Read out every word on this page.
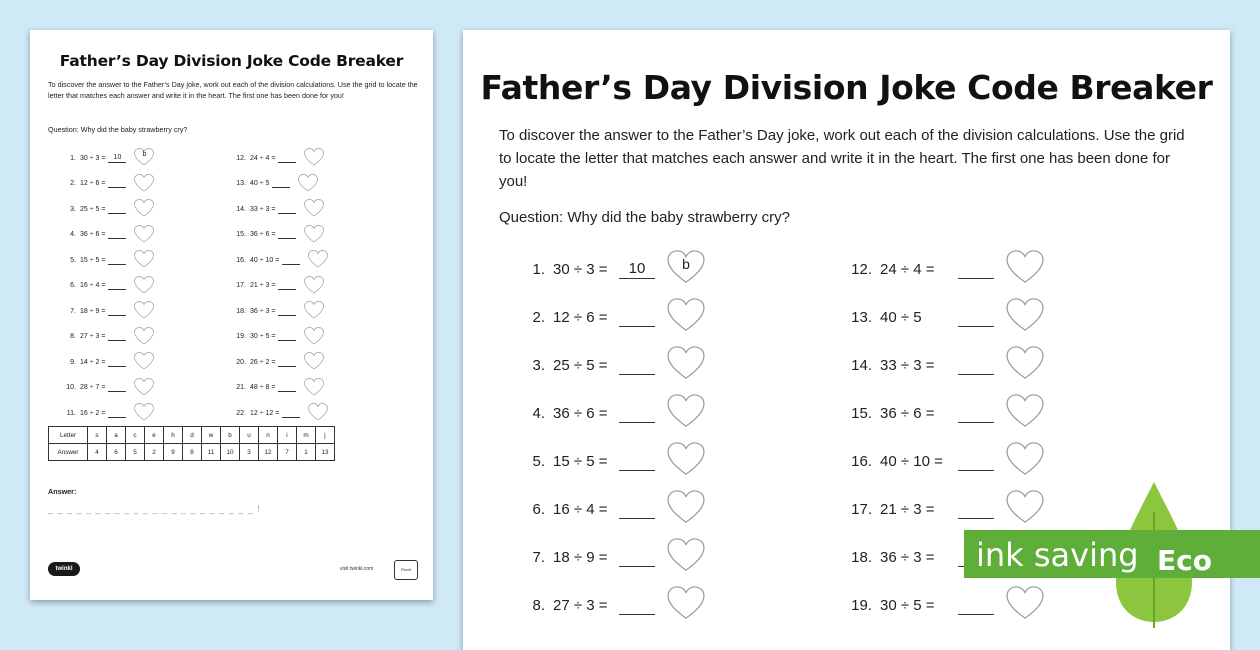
Father’s Day Division Joke Code Breaker
To discover the answer to the Father’s Day joke, work out each of the division calculations. Use the grid to locate the letter that matches each answer and write it in the heart. The first one has been done for you!
Question: Why did the baby strawberry cry?
1. 30 ÷ 3 =	10	b
2. 12 ÷ 6 =
3. 25 ÷ 5 =
4. 36 ÷ 6 =
5. 15 ÷ 5 =
6. 16 ÷ 4 =
7. 18 ÷ 9 =
8. 27 ÷ 3 =
9. 14 ÷ 2 =
10. 28 ÷ 7 =
11. 16 ÷ 2 =
12. 24 ÷ 4 =
13. 40 ÷ 5
14. 33 ÷ 3 =
15. 36 ÷ 6 =
16. 40 ÷ 10 =
17. 21 ÷ 3 =
18. 36 ÷ 3 =
19. 30 ÷ 5 =
20. 26 ÷ 2 =
21. 48 ÷ 8 =
22. 12 ÷ 12 =
Letter	s	a	c	e	h	d	w	b	u	n	i	m	j
Answer	4	6	5	2	9	8	11	10	3	12	7	1	13
Answer:
_ _ _ _ _ _ _ _ _ _ _ _ _ _ _ _ _ _ _ _ _ _ !
twinkl	visit twinkl.com	PlanIt
Father’s Day Division Joke Code Breaker
To discover the answer to the Father’s Day joke, work out each of the division calculations. Use the grid to locate the letter that matches each answer and write it in the heart. The first one has been done for you!
Question: Why did the baby strawberry cry?
1. 30 ÷ 3 =	10	b
2. 12 ÷ 6 =
3. 25 ÷ 5 =
4. 36 ÷ 6 =
5. 15 ÷ 5 =
6. 16 ÷ 4 =
7. 18 ÷ 9 =
8. 27 ÷ 3 =
12. 24 ÷ 4 =
13. 40 ÷ 5
14. 33 ÷ 3 =
15. 36 ÷ 6 =
16. 40 ÷ 10 =
17. 21 ÷ 3 =
18. 36 ÷ 3 =
19. 30 ÷ 5 =
ink saving Eco
